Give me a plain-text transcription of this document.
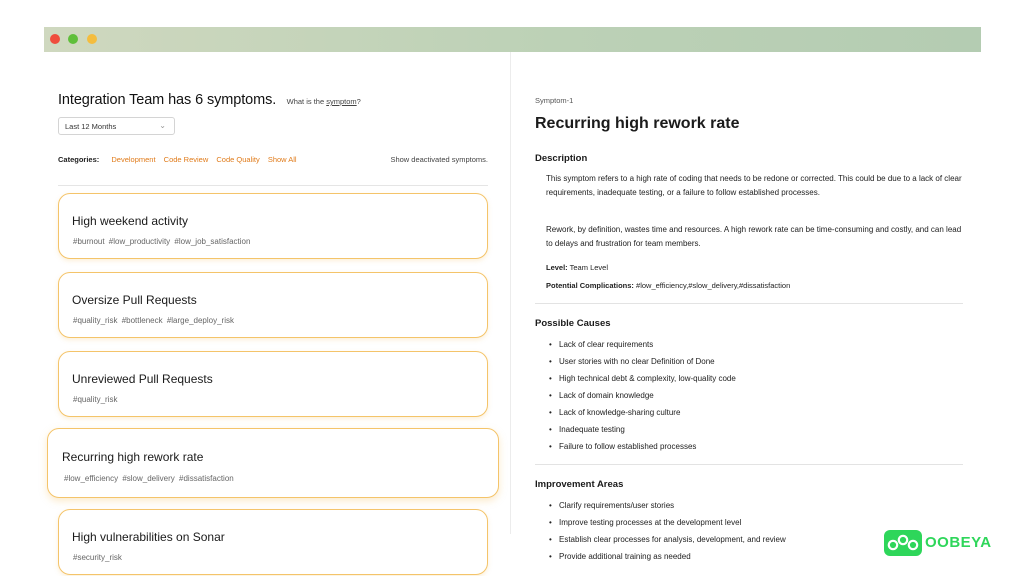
Integration Team has 6 symptoms. What is the symptom?
Last 12 Months	⌄
Categories: Development Code Review Code Quality Show All	Show deactivated symptoms.
High weekend activity
#burnout #low_productivity #low_job_satisfaction
Oversize Pull Requests
#quality_risk #bottleneck #large_deploy_risk
Unreviewed Pull Requests
#quality_risk
Recurring high rework rate
#low_efficiency #slow_delivery #dissatisfaction
High vulnerabilities on Sonar
#security_risk
Symptom-1
Recurring high rework rate
Description
This symptom refers to a high rate of coding that needs to be redone or corrected. This could be due to a lack of clear requirements, inadequate testing, or a failure to follow established processes.
Rework, by definition, wastes time and resources. A high rework rate can be time-consuming and costly, and can lead to delays and frustration for team members.
Level: Team Level
Potential Complications: #low_efficiency,#slow_delivery,#dissatisfaction
Possible Causes
• Lack of clear requirements
• User stories with no clear Definition of Done
• High technical debt & complexity, low-quality code
• Lack of domain knowledge
• Lack of knowledge-sharing culture
• Inadequate testing
• Failure to follow established processes
Improvement Areas
• Clarify requirements/user stories
• Improve testing processes at the development level
• Establish clear processes for analysis, development, and review
• Provide additional training as needed
OOBEYA
